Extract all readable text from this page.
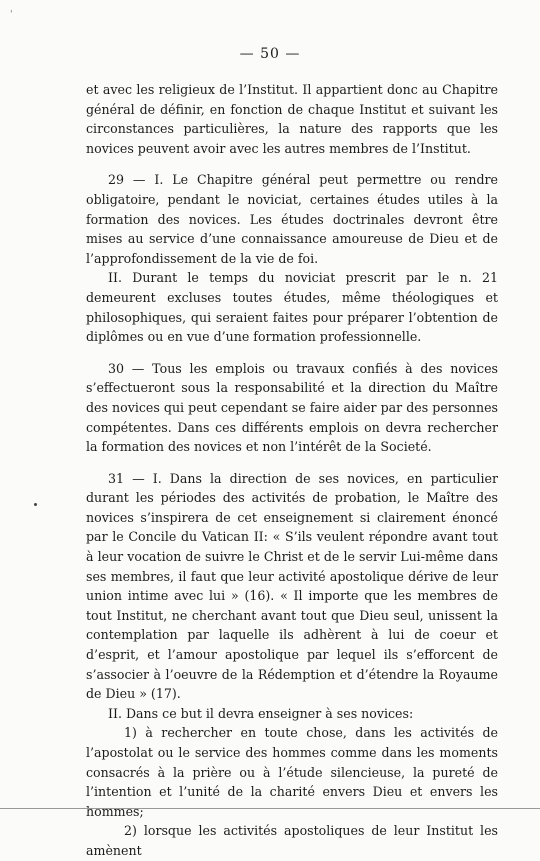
'
— 50 —

et avec les religieux de l’Institut. Il appartient donc au Chapitre général de définir, en fonction de chaque Institut et suivant les circonstances particulières, la nature des rapports que les novices peuvent avoir avec les autres membres de l’Institut.

29 — I. Le Chapitre général peut permettre ou rendre obligatoire, pendant le noviciat, certaines études utiles à la formation des novices. Les études doctrinales devront être mises au service d’une connaissance amoureuse de Dieu et de l’approfondissement de la vie de foi.

II. Durant le temps du noviciat prescrit par le n. 21 demeurent excluses toutes études, même théologiques et philosophiques, qui seraient faites pour préparer l’obtention de diplômes ou en vue d’une formation professionnelle.

30 — Tous les emplois ou travaux confiés à des novices s’effectueront sous la responsabilité et la direction du Maître des novices qui peut cependant se faire aider par des personnes compétentes. Dans ces différents emplois on devra rechercher la formation des novices et non l’intérêt de la Societé.

31 — I. Dans la direction de ses novices, en particulier durant les périodes des activités de probation, le Maître des novices s’inspirera de cet enseignement si clairement énoncé par le Concile du Vatican II: « S’ils veulent répondre avant tout à leur vocation de suivre le Christ et de le servir Lui-même dans ses membres, il faut que leur activité apostolique dérive de leur union intime avec lui » (16). « Il importe que les membres de tout Institut, ne cherchant avant tout que Dieu seul, unissent la contemplation par laquelle ils adhèrent à lui de coeur et d’esprit, et l’amour apostolique par lequel ils s’efforcent de s’associer à l’oeuvre de la Rédemption et d’étendre la Royaume de Dieu » (17).

II. Dans ce but il devra enseigner à ses novices:

1) à rechercher en toute chose, dans les activités de l’apostolat ou le service des hommes comme dans les moments consacrés à la prière ou à l’étude silencieuse, la pureté de l’intention et l’unité de la charité envers Dieu et envers les hommes;

2) lorsque les activités apostoliques de leur Institut les amènent
